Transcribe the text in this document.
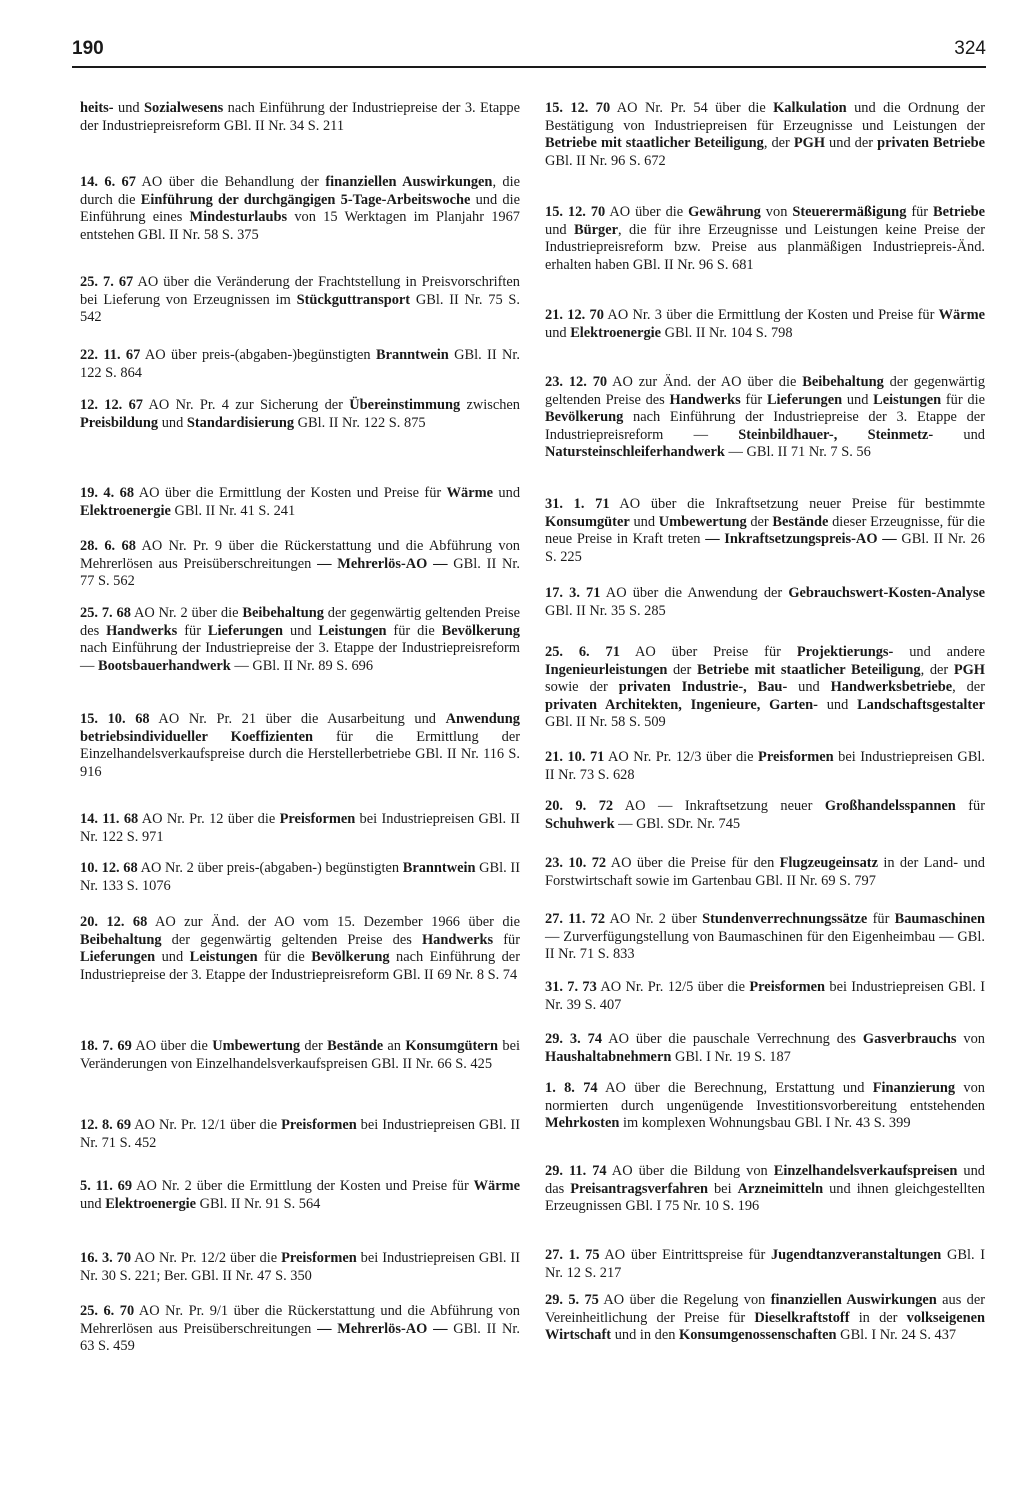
190	324
heits- und Sozialwesens nach Einführung der Industriepreise der 3. Etappe der Industriepreisreform GBl. II Nr. 34 S. 211
14. 6. 67 AO über die Behandlung der finanziellen Auswirkungen, die durch die Einführung der durchgängigen 5-Tage-Arbeitswoche und die Einführung eines Mindesturlaubs von 15 Werktagen im Planjahr 1967 entstehen GBl. II Nr. 58 S. 375
25. 7. 67 AO über die Veränderung der Frachtstellung in Preisvorschriften bei Lieferung von Erzeugnissen im Stückguttransport GBl. II Nr. 75 S. 542
22. 11. 67 AO über preis-(abgaben-)begünstigten Branntwein GBl. II Nr. 122 S. 864
12. 12. 67 AO Nr. Pr. 4 zur Sicherung der Übereinstimmung zwischen Preisbildung und Standardisierung GBl. II Nr. 122 S. 875
19. 4. 68 AO über die Ermittlung der Kosten und Preise für Wärme und Elektroenergie GBl. II Nr. 41 S. 241
28. 6. 68 AO Nr. Pr. 9 über die Rückerstattung und die Abführung von Mehrerlösen aus Preisüberschreitungen — Mehrerlös-AO — GBl. II Nr. 77 S. 562
25. 7. 68 AO Nr. 2 über die Beibehaltung der gegenwärtig geltenden Preise des Handwerks für Lieferungen und Leistungen für die Bevölkerung nach Einführung der Industriepreise der 3. Etappe der Industriepreisreform — Bootsbauerhandwerk — GBl. II Nr. 89 S. 696
15. 10. 68 AO Nr. Pr. 21 über die Ausarbeitung und Anwendung betriebsindividueller Koeffizienten für die Ermittlung der Einzelhandelsverkaufspreise durch die Herstellerbetriebe GBl. II Nr. 116 S. 916
14. 11. 68 AO Nr. Pr. 12 über die Preisformen bei Industriepreisen GBl. II Nr. 122 S. 971
10. 12. 68 AO Nr. 2 über preis-(abgaben-) begünstigten Branntwein GBl. II Nr. 133 S. 1076
20. 12. 68 AO zur Änd. der AO vom 15. Dezember 1966 über die Beibehaltung der gegenwärtig geltenden Preise des Handwerks für Lieferungen und Leistungen für die Bevölkerung nach Einführung der Industriepreise der 3. Etappe der Industriepreisreform GBl. II 69 Nr. 8 S. 74
18. 7. 69 AO über die Umbewertung der Bestände an Konsumgütern bei Veränderungen von Einzelhandelsverkaufspreisen GBl. II Nr. 66 S. 425
12. 8. 69 AO Nr. Pr. 12/1 über die Preisformen bei Industriepreisen GBl. II Nr. 71 S. 452
5. 11. 69 AO Nr. 2 über die Ermittlung der Kosten und Preise für Wärme und Elektroenergie GBl. II Nr. 91 S. 564
16. 3. 70 AO Nr. Pr. 12/2 über die Preisformen bei Industriepreisen GBl. II Nr. 30 S. 221; Ber. GBl. II Nr. 47 S. 350
25. 6. 70 AO Nr. Pr. 9/1 über die Rückerstattung und die Abführung von Mehrerlösen aus Preisüberschreitungen — Mehrerlös-AO — GBl. II Nr. 63 S. 459
15. 12. 70 AO Nr. Pr. 54 über die Kalkulation und die Ordnung der Bestätigung von Industriepreisen für Erzeugnisse und Leistungen der Betriebe mit staatlicher Beteiligung, der PGH und der privaten Betriebe GBl. II Nr. 96 S. 672
15. 12. 70 AO über die Gewährung von Steuerermäßigung für Betriebe und Bürger, die für ihre Erzeugnisse und Leistungen keine Preise der Industriepreisreform bzw. Preise aus planmäßigen Industriepreis-Änd. erhalten haben GBl. II Nr. 96 S. 681
21. 12. 70 AO Nr. 3 über die Ermittlung der Kosten und Preise für Wärme und Elektroenergie GBl. II Nr. 104 S. 798
23. 12. 70 AO zur Änd. der AO über die Beibehaltung der gegenwärtig geltenden Preise des Handwerks für Lieferungen und Leistungen für die Bevölkerung nach Einführung der Industriepreise der 3. Etappe der Industriepreisreform — Steinbildhauer-, Steinmetz- und Natursteinschleiferhandwerk — GBl. II 71 Nr. 7 S. 56
31. 1. 71 AO über die Inkraftsetzung neuer Preise für bestimmte Konsumgüter und Umbewertung der Bestände dieser Erzeugnisse, für die neue Preise in Kraft treten — Inkraftsetzungspreis-AO — GBl. II Nr. 26 S. 225
17. 3. 71 AO über die Anwendung der Gebrauchswert-Kosten-Analyse GBl. II Nr. 35 S. 285
25. 6. 71 AO über Preise für Projektierungs- und andere Ingenieurleistungen der Betriebe mit staatlicher Beteiligung, der PGH sowie der privaten Industrie-, Bau- und Handwerksbetriebe, der privaten Architekten, Ingenieure, Garten- und Landschaftsgestalter GBl. II Nr. 58 S. 509
21. 10. 71 AO Nr. Pr. 12/3 über die Preisformen bei Industriepreisen GBl. II Nr. 73 S. 628
20. 9. 72 AO — Inkraftsetzung neuer Großhandelsspannen für Schuhwerk — GBl. SDr. Nr. 745
23. 10. 72 AO über die Preise für den Flugzeugeinsatz in der Land- und Forstwirtschaft sowie im Gartenbau GBl. II Nr. 69 S. 797
27. 11. 72 AO Nr. 2 über Stundenverrechnungssätze für Baumaschinen — Zurverfügungstellung von Baumaschinen für den Eigenheimbau — GBl. II Nr. 71 S. 833
31. 7. 73 AO Nr. Pr. 12/5 über die Preisformen bei Industriepreisen GBl. I Nr. 39 S. 407
29. 3. 74 AO über die pauschale Verrechnung des Gasverbrauchs von Haushaltabnehmern GBl. I Nr. 19 S. 187
1. 8. 74 AO über die Berechnung, Erstattung und Finanzierung von normierten durch ungenügende Investitionsvorbereitung entstehenden Mehrkosten im komplexen Wohnungsbau GBl. I Nr. 43 S. 399
29. 11. 74 AO über die Bildung von Einzelhandelsverkaufspreisen und das Preisantragsverfahren bei Arzneimitteln und ihnen gleichgestellten Erzeugnissen GBl. I 75 Nr. 10 S. 196
27. 1. 75 AO über Eintrittspreise für Jugendtanzveranstaltungen GBl. I Nr. 12 S. 217
29. 5. 75 AO über die Regelung von finanziellen Auswirkungen aus der Vereinheitlichung der Preise für Dieselkraftstoff in der volkseigenen Wirtschaft und in den Konsumgenossenschaften GBl. I Nr. 24 S. 437
